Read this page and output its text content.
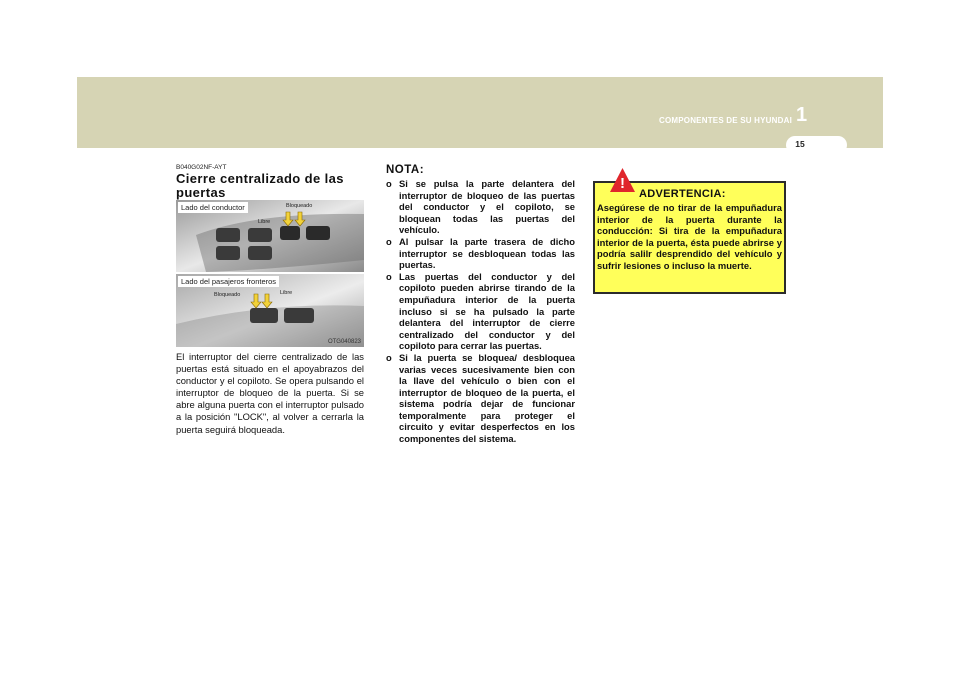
COMPONENTES DE SU HYUNDAI 1
15
B040G02NF-AYT
Cierre centralizado de las puertas
Lado del conductor
Libre
Bloqueado
Lado del pasajeros fronteros
Bloqueado	Libre
OTG040823

El interruptor del cierre centralizado de las puertas está situado en el apoyabrazos del conductor y el copiloto. Se opera pulsando el interruptor de bloqueo de la puerta. Si se abre alguna puerta con el interruptor pulsado a la posición "LOCK", al volver a cerrarla la puerta seguirá bloqueada.

NOTA:
o Si se pulsa la parte delantera del interruptor de bloqueo de las puertas del conductor y el copiloto, se bloquean todas las puertas del vehículo.
o Al pulsar la parte trasera de dicho interruptor se desbloquean todas las puertas.
o Las puertas del conductor y del copiloto pueden abrirse tirando de la empuñadura interior de la puerta incluso si se ha pulsado la parte delantera del interruptor de cierre centralizado del conductor y del copiloto para cerrar las puertas.
o Si la puerta se bloquea/ desbloquea varias veces sucesivamente bien con la llave del vehículo o bien con el interruptor de bloqueo de la puerta, el sistema podría dejar de funcionar temporalmente para proteger el circuito y evitar desperfectos en los componentes del sistema.
ADVERTENCIA:

Asegúrese de no tirar de la empuñadura interior de la puerta durante la conducción: Si tira de la empuñadura interior de la puerta, ésta puede abrirse y podría salilr desprendido del vehículo y sufrir lesiones o incluso la muerte.

!
